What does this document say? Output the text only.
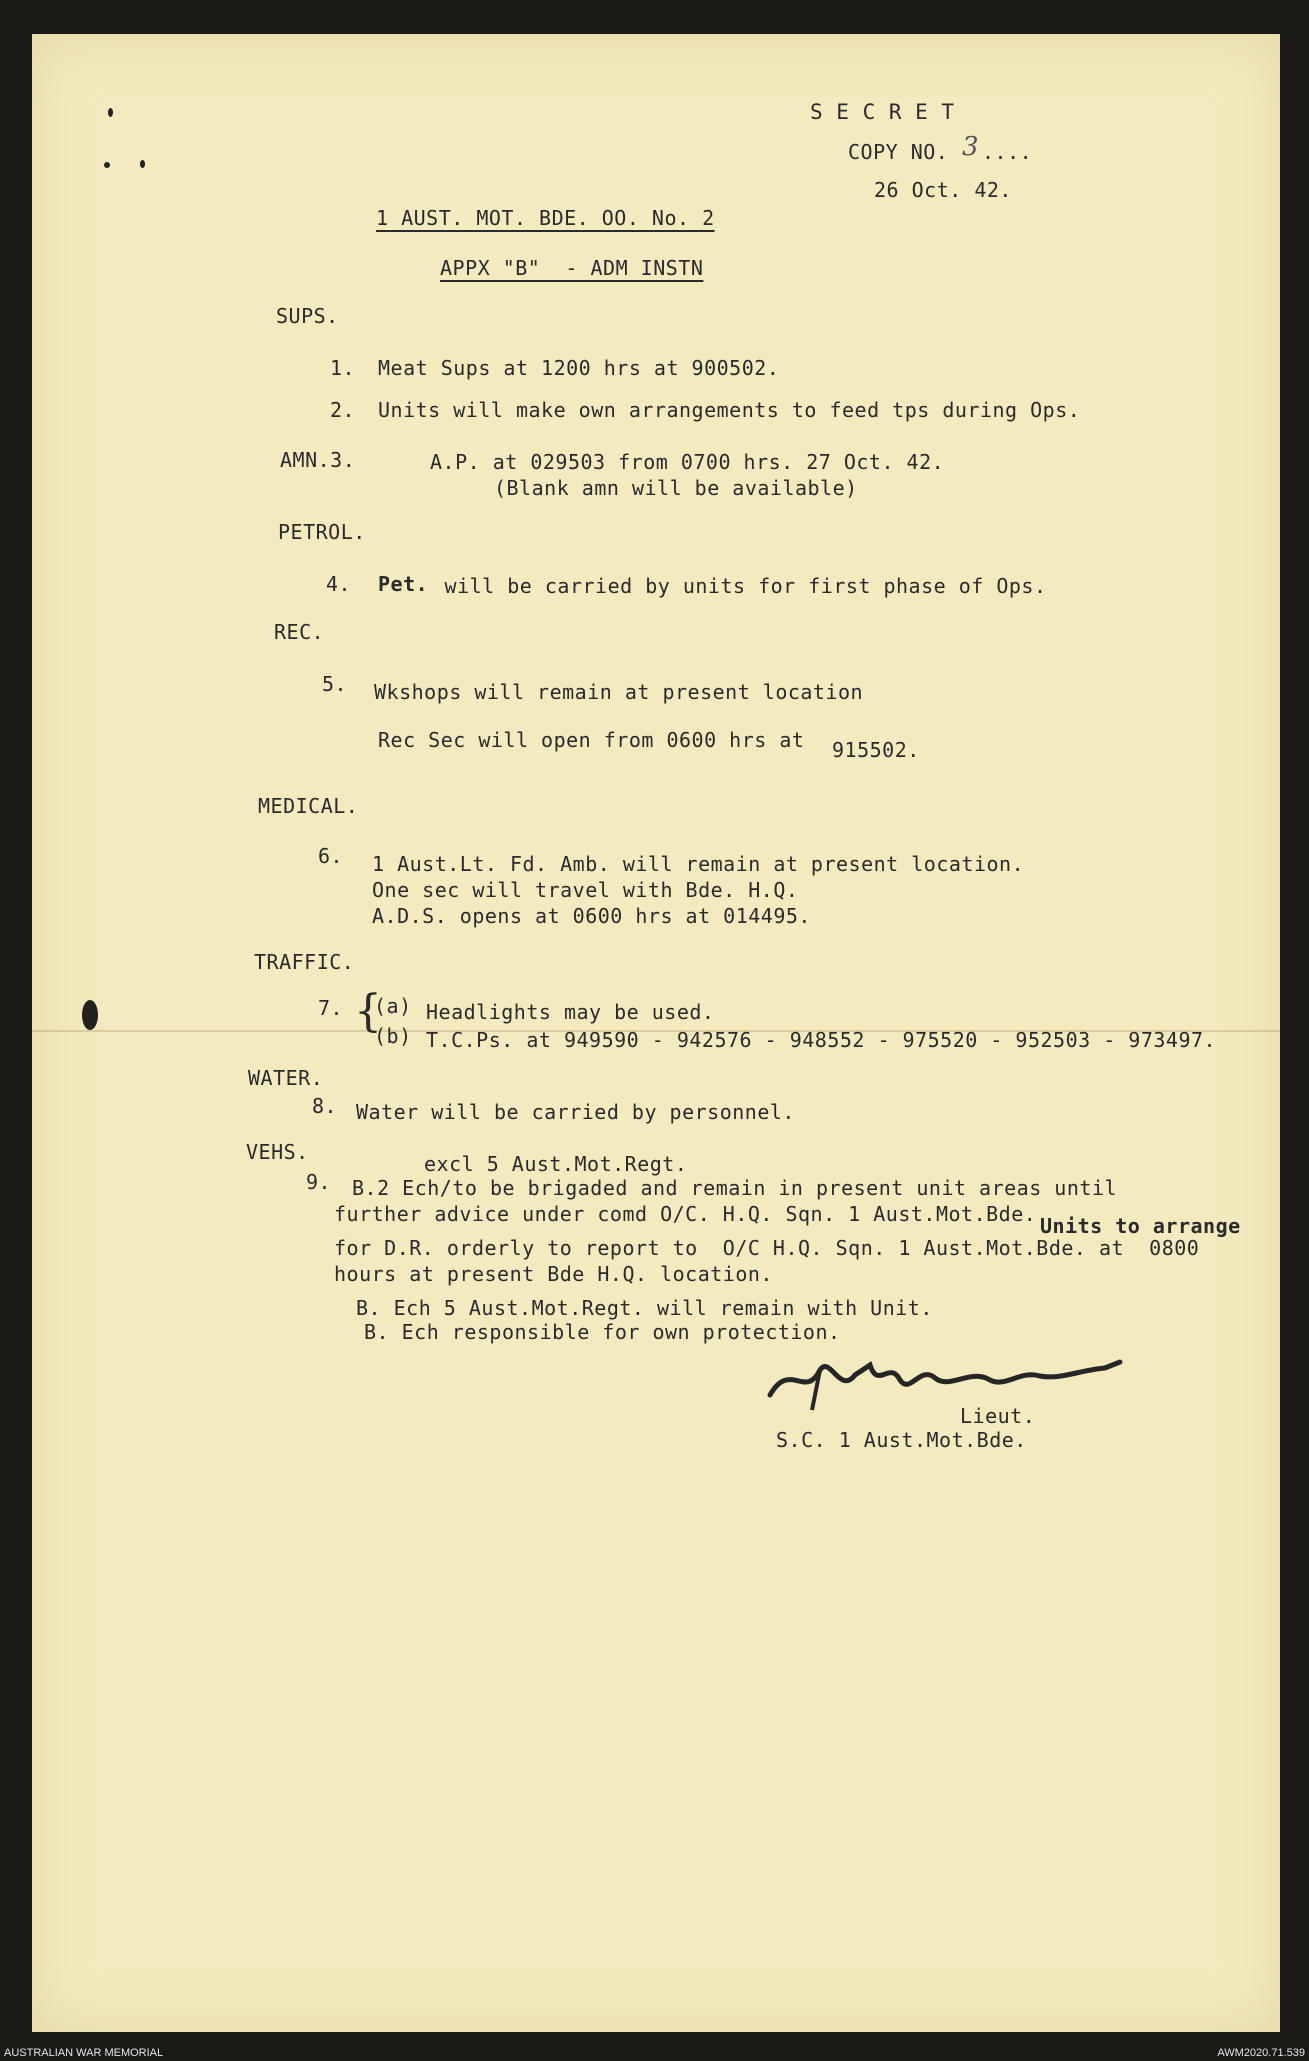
S E C R E T
COPY NO. 3 ....
26 Oct. 42.
1 AUST. MOT. BDE. OO. No. 2
APPX "B"  - ADM INSTN
SUPS.
1. Meat Sups at 1200 hrs at 900502.
2. Units will make own arrangements to feed tps during Ops.
AMN.3.	A.P. at 029503 from 0700 hrs. 27 Oct. 42.
(Blank amn will be available)
PETROL.
4. Pet. will be carried by units for first phase of Ops.
REC.
5. Wkshops will remain at present location
Rec Sec will open from 0600 hrs at 915502.
MEDICAL.
6. 1 Aust.Lt. Fd. Amb. will remain at present location.
One sec will travel with Bde. H.Q.
A.D.S. opens at 0600 hrs at 014495.
TRAFFIC.
7. {
(a) Headlights may be used.
(b) T.C.Ps. at 949590 - 942576 - 948552 - 975520 - 952503 - 973497.
WATER.
8. Water will be carried by personnel.
VEHS.	excl 5 Aust.Mot.Regt.
9. B.2 Ech/to be brigaded and remain in present unit areas until
further advice under comd O/C. H.Q. Sqn. 1 Aust.Mot.Bde. Units to arrange
for D.R. orderly to report to  O/C H.Q. Sqn. 1 Aust.Mot.Bde. at  0800
hours at present Bde H.Q. location.
B. Ech 5 Aust.Mot.Regt. will remain with Unit.
B. Ech responsible for own protection.
Lieut.
S.C. 1 Aust.Mot.Bde.
AUSTRALIAN WAR MEMORIAL	AWM2020.71.539
